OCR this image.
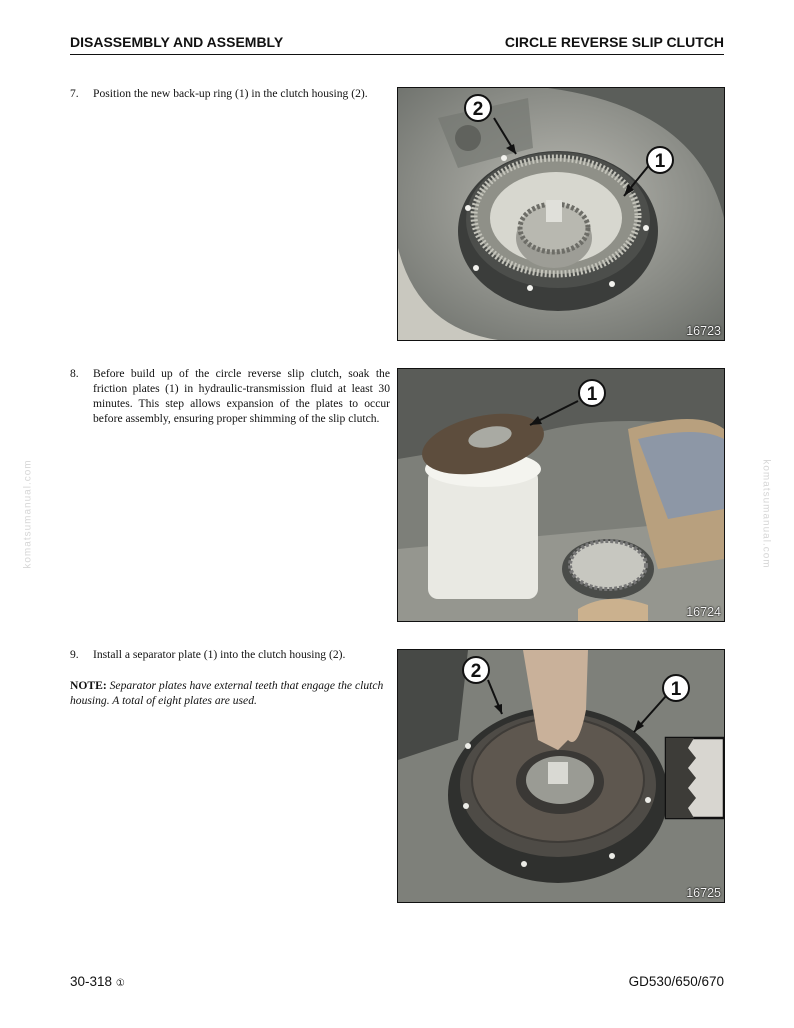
DISASSEMBLY AND ASSEMBLY	CIRCLE REVERSE SLIP CLUTCH
7. Position the new back-up ring (1) in the clutch housing (2).
2
1
16723
8. Before build up of the circle reverse slip clutch, soak the friction plates (1) in hydraulic-transmission fluid at least 30 minutes. This step allows expansion of the plates to occur before assembly, ensuring proper shimming of the slip clutch.
1
16724
9. Install a separator plate (1) into the clutch housing (2).
NOTE: Separator plates have external teeth that engage the clutch housing. A total of eight plates are used.
2
1
16725
komatsumanual.com	komatsumanual.com
30-318 ①	GD530/650/670
